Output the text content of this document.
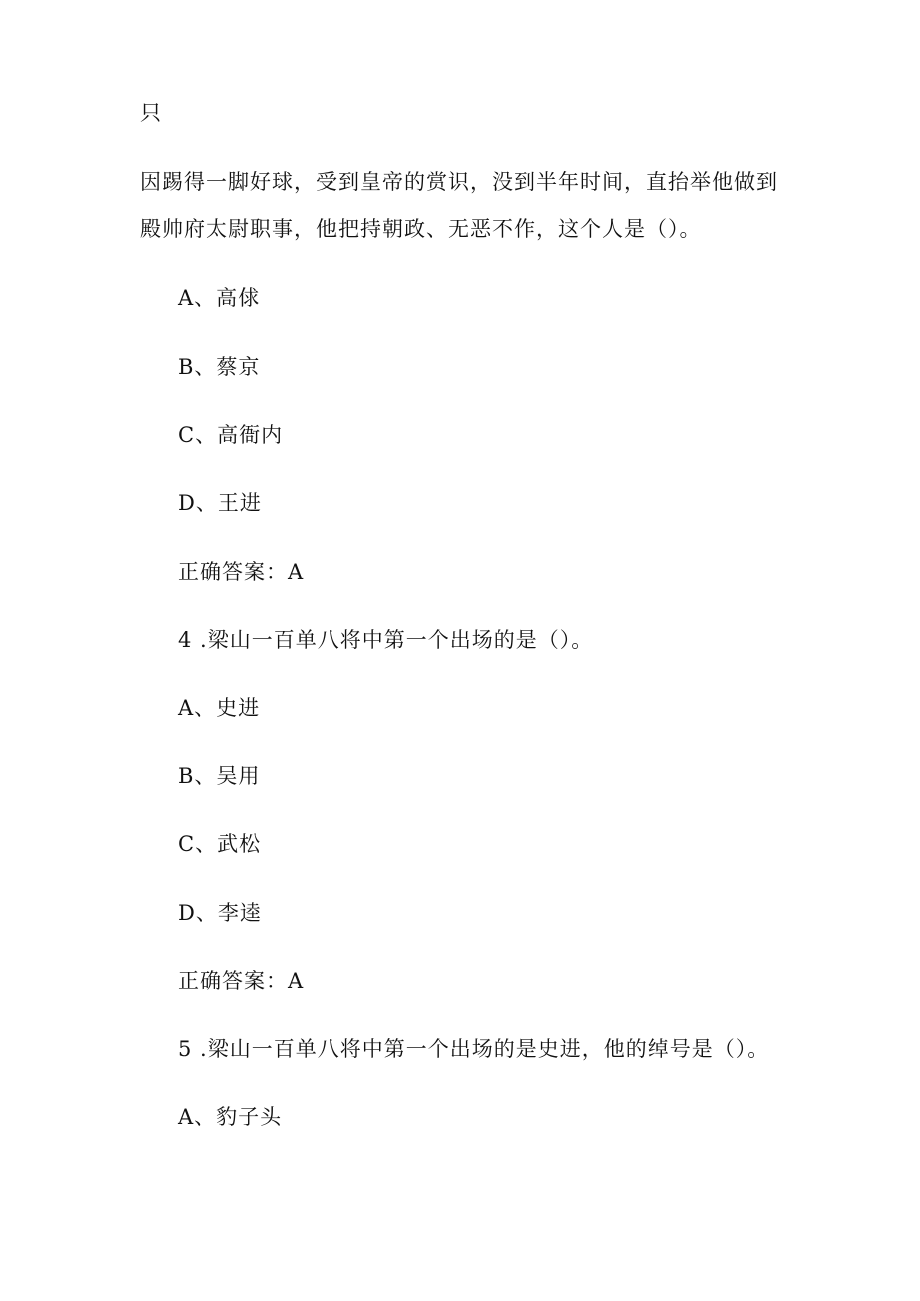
只
因踢得一脚好球，受到皇帝的赏识，没到半年时间，直抬举他做到
殿帅府太尉职事，他把持朝政、无恶不作，这个人是（）。
A、高俅
B、蔡京
C、高衙内
D、王进
正确答案：A
4 .梁山一百单八将中第一个出场的是（）。
A、史进
B、吴用
C、武松
D、李逵
正确答案：A
5 .梁山一百单八将中第一个出场的是史进，他的绰号是（）。
A、豹子头
